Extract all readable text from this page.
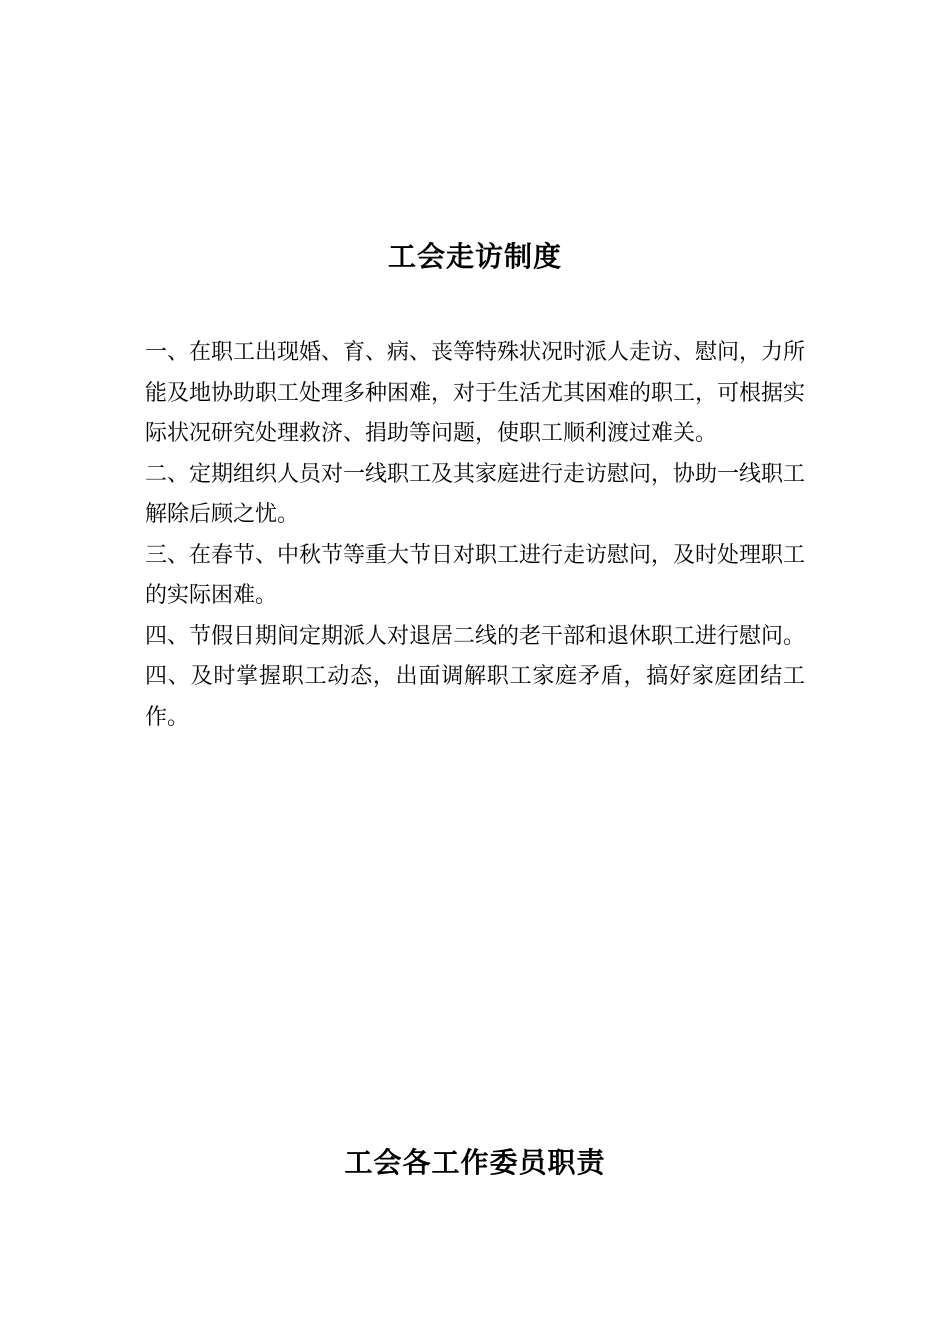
工会走访制度

一、在职工出现婚、育、病、丧等特殊状况时派人走访、慰问，力所能及地协助职工处理多种困难，对于生活尤其困难的职工，可根据实际状况研究处理救济、捐助等问题，使职工顺利渡过难关。

二、定期组织人员对一线职工及其家庭进行走访慰问，协助一线职工解除后顾之忧。

三、在春节、中秋节等重大节日对职工进行走访慰问，及时处理职工的实际困难。

四、节假日期间定期派人对退居二线的老干部和退休职工进行慰问。

四、及时掌握职工动态，出面调解职工家庭矛盾，搞好家庭团结工作。

工会各工作委员职责
